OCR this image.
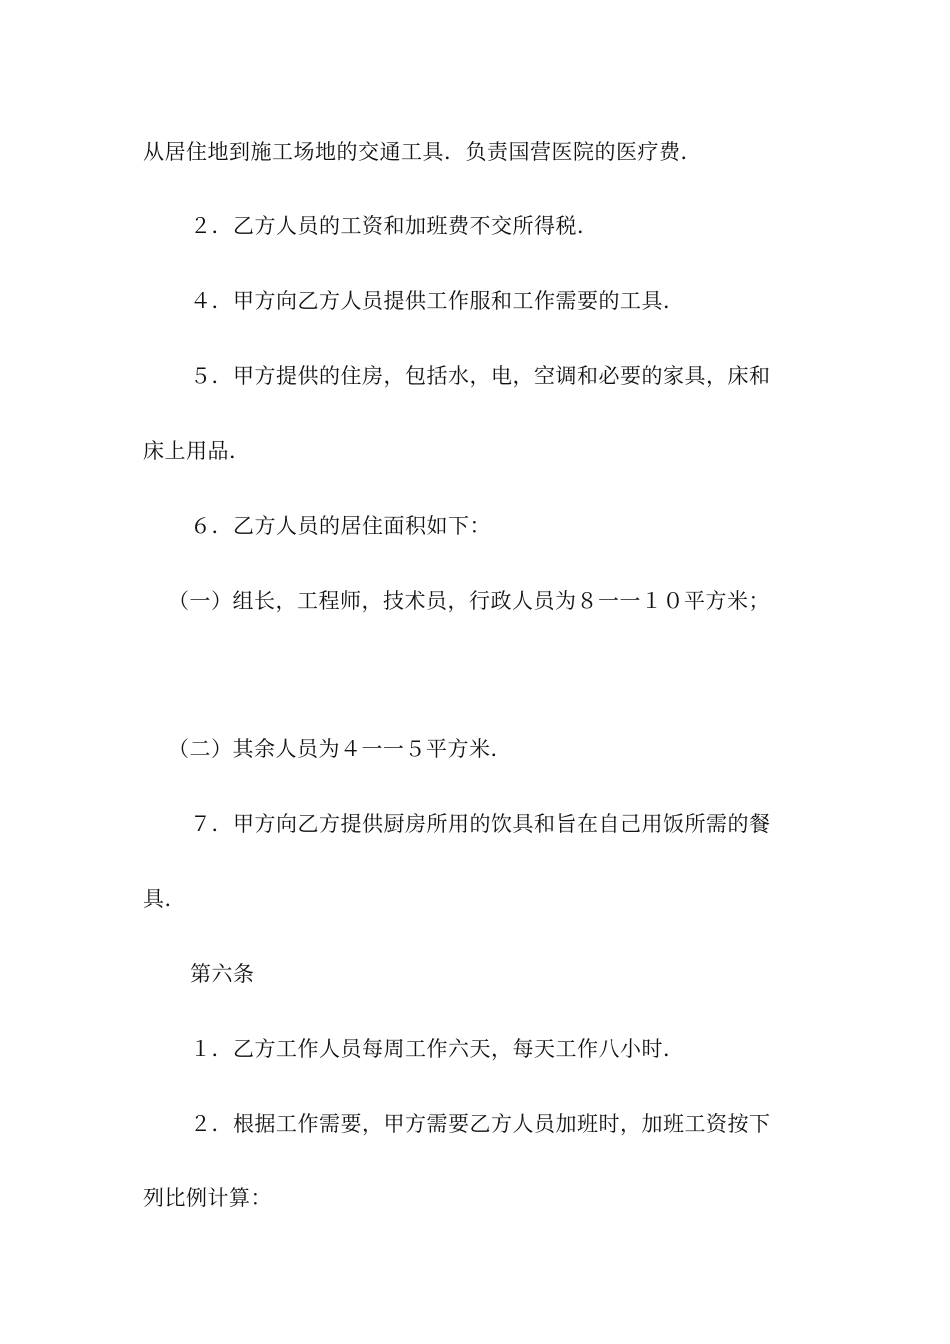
从居住地到施工场地的交通工具．负责国营医院的医疗费．
２．乙方人员的工资和加班费不交所得税．
４．甲方向乙方人员提供工作服和工作需要的工具．
５．甲方提供的住房，包括水，电，空调和必要的家具，床和
床上用品．
６．乙方人员的居住面积如下：
（一）组长，工程师，技术员，行政人员为８一一１０平方米；
（二）其余人员为４一一５平方米．
７．甲方向乙方提供厨房所用的饮具和旨在自己用饭所需的餐
具．
第六条
１．乙方工作人员每周工作六天，每天工作八小时．
２．根据工作需要，甲方需要乙方人员加班时，加班工资按下
列比例计算：
